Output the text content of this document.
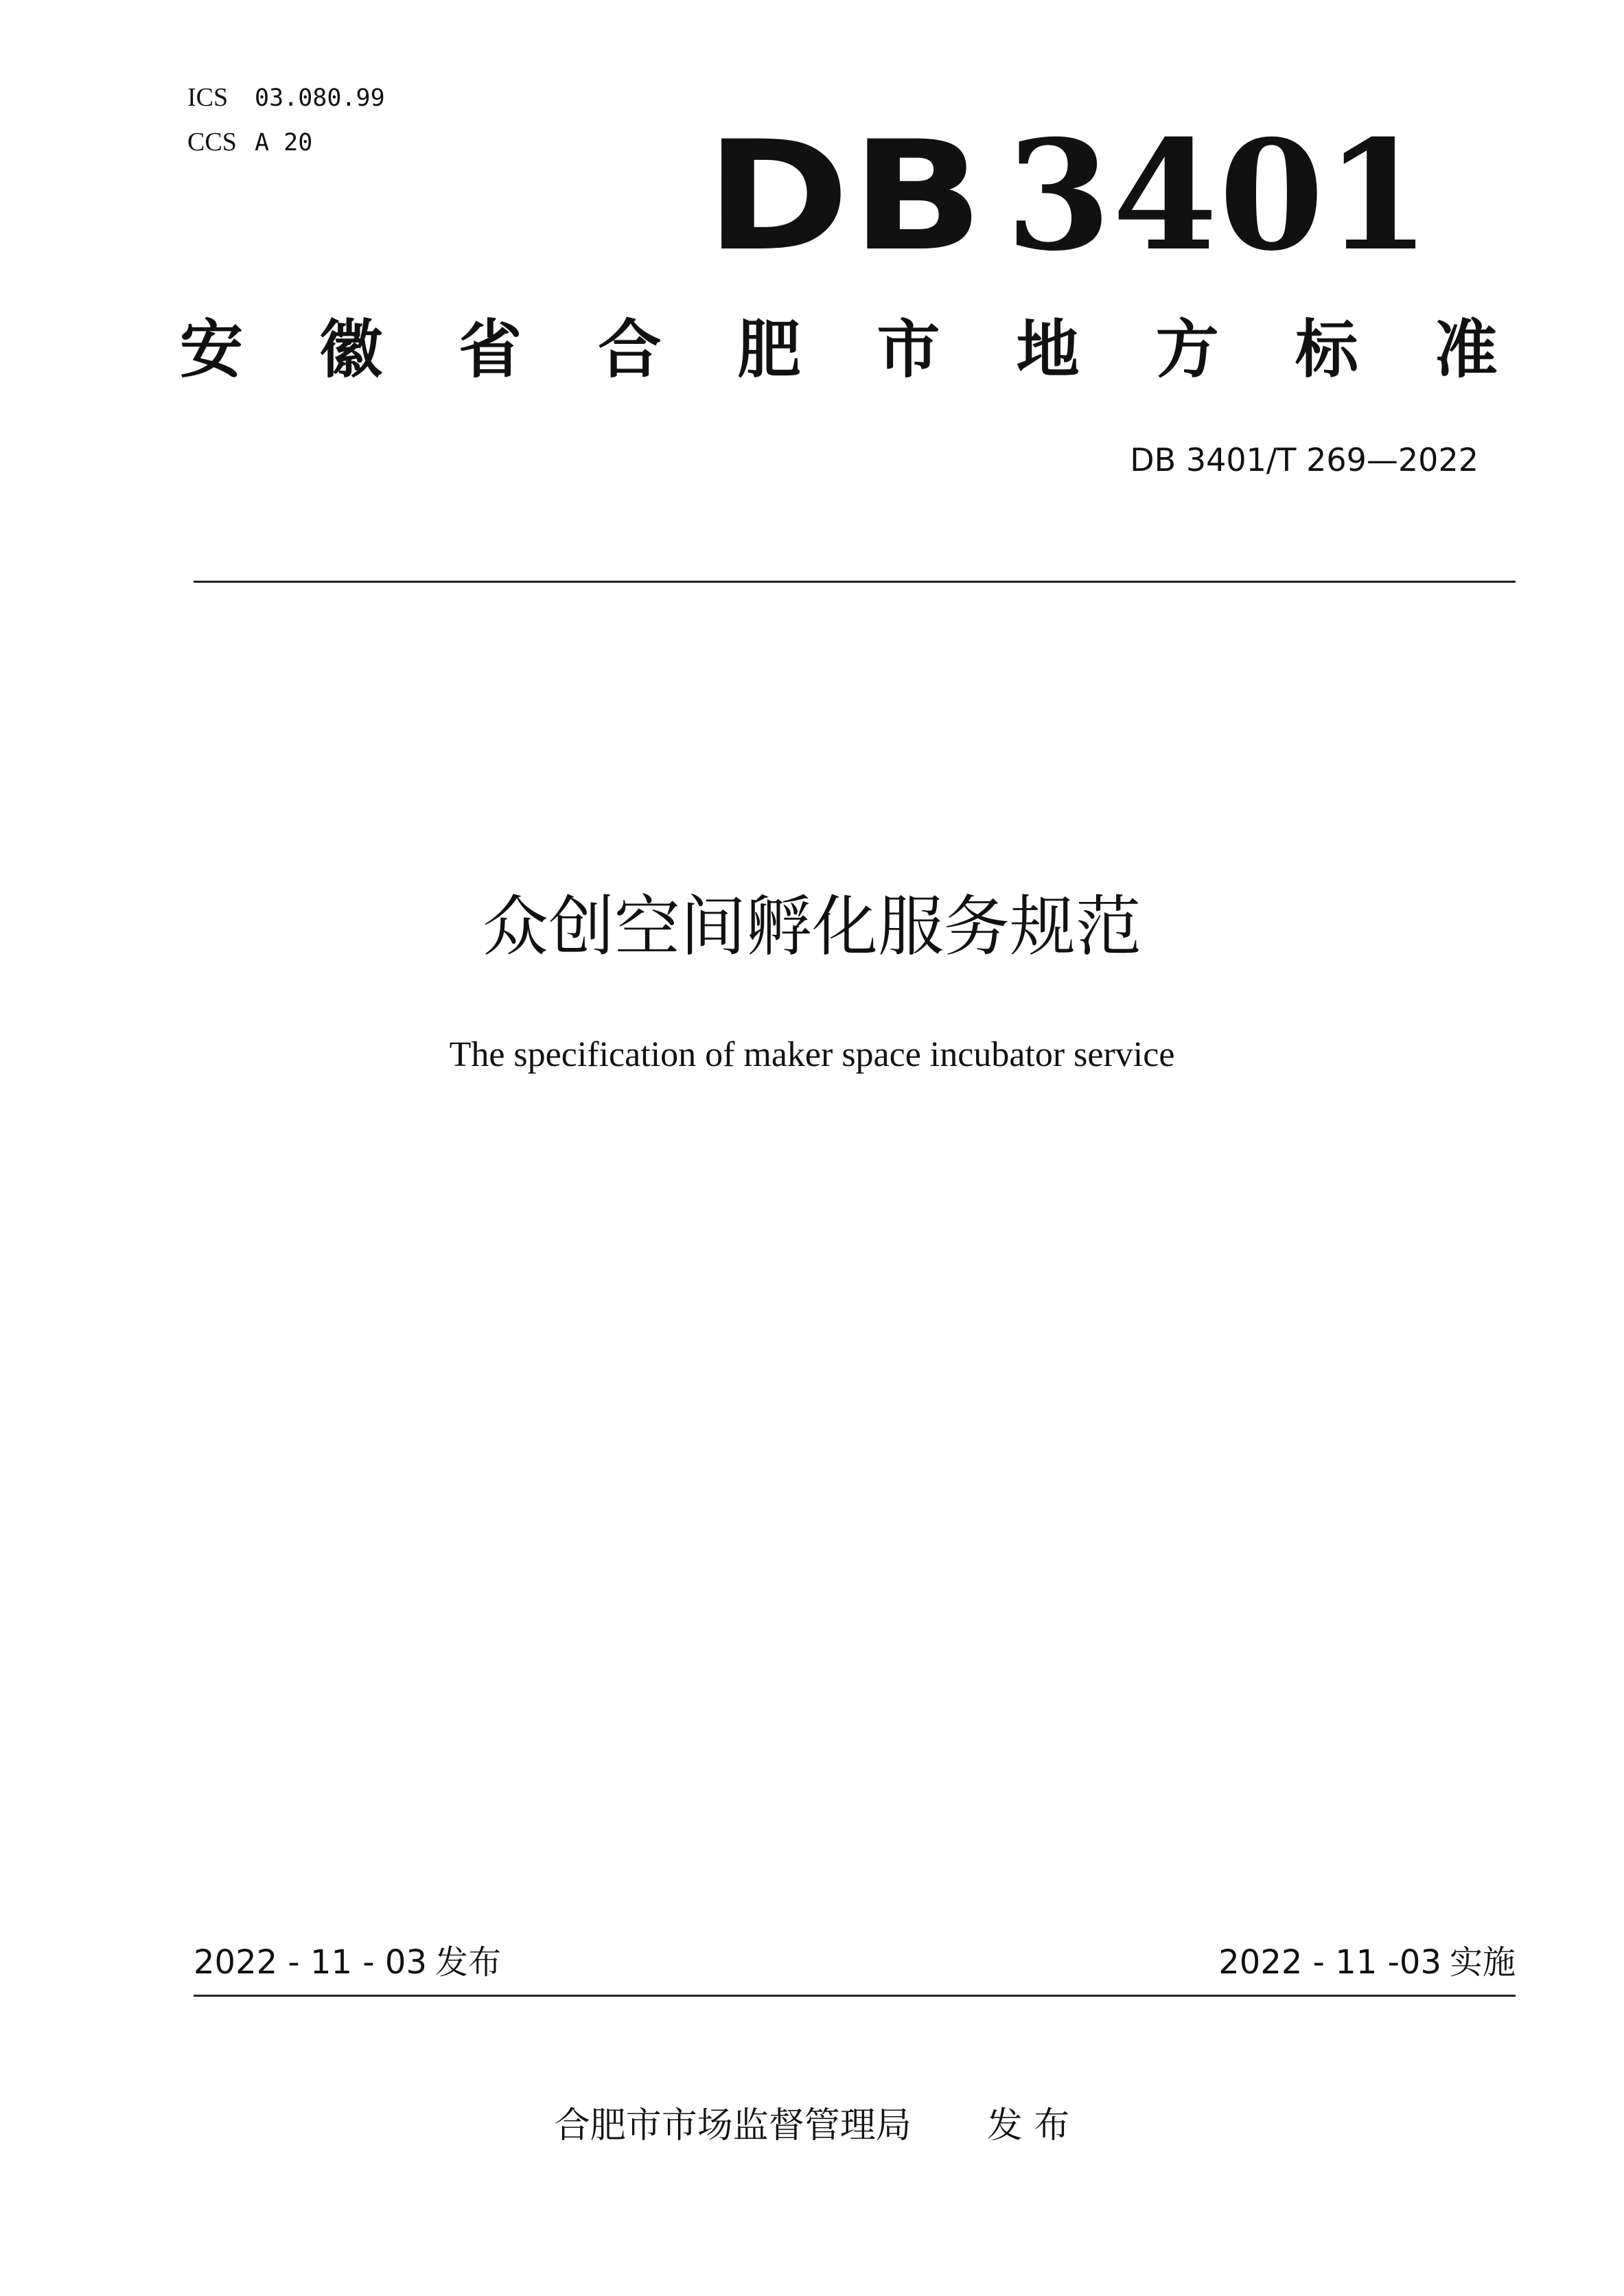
ICS 03.080.99
CCS A 20	DB 3401
安 徽 省 合 肥 市 地 方 标 准
DB 3401/T 269—2022
众创空间孵化服务规范
The specification of maker space incubator service
2022 - 11 - 03 发布	2022 - 11 -03 实施
合肥市市场监督管理局 发 布
